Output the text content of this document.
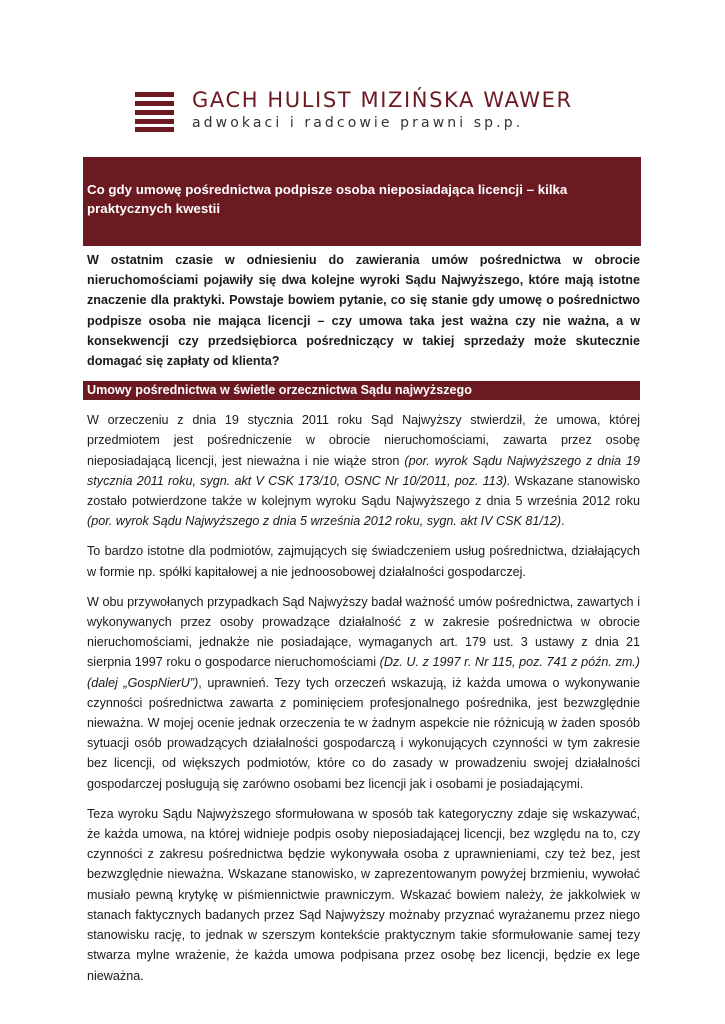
GACH HULIST MIZIŃSKA WAWER
adwokaci i radcowie prawni sp.p.
Co gdy umowę pośrednictwa podpisze osoba nieposiadająca licencji – kilka praktycznych kwestii

W ostatnim czasie w odniesieniu do zawierania umów pośrednictwa w obrocie nieruchomościami pojawiły się dwa kolejne wyroki Sądu Najwyższego, które mają istotne znaczenie dla praktyki. Powstaje bowiem pytanie, co się stanie gdy umowę o pośrednictwo podpisze osoba nie mająca licencji – czy umowa taka jest ważna czy nie ważna, a w konsekwencji czy przedsiębiorca pośredniczący w takiej sprzedaży może skutecznie domagać się zapłaty od klienta?

Umowy pośrednictwa w świetle orzecznictwa Sądu najwyższego

W orzeczeniu z dnia 19 stycznia 2011 roku Sąd Najwyższy stwierdził, że umowa, której przedmiotem jest pośredniczenie w obrocie nieruchomościami, zawarta przez osobę nieposiadającą licencji, jest nieważna i nie wiąże stron (por. wyrok Sądu Najwyższego z dnia 19 stycznia 2011 roku, sygn. akt V CSK 173/10, OSNC Nr 10/2011, poz. 113). Wskazane stanowisko zostało potwierdzone także w kolejnym wyroku Sądu Najwyższego z dnia 5 września 2012 roku (por. wyrok Sądu Najwyższego z dnia 5 września 2012 roku, sygn. akt IV CSK 81/12).

To bardzo istotne dla podmiotów, zajmujących się świadczeniem usług pośrednictwa, działających w formie np. spółki kapitałowej a nie jednoosobowej działalności gospodarczej.

W obu przywołanych przypadkach Sąd Najwyższy badał ważność umów pośrednictwa, zawartych i wykonywanych przez osoby prowadzące działalność z w zakresie pośrednictwa w obrocie nieruchomościami, jednakże nie posiadające, wymaganych art. 179 ust. 3 ustawy z dnia 21 sierpnia 1997 roku o gospodarce nieruchomościami (Dz. U. z 1997 r. Nr 115, poz. 741 z późn. zm.) (dalej „GospNierU”), uprawnień. Tezy tych orzeczeń wskazują, iż każda umowa o wykonywanie czynności pośrednictwa zawarta z pominięciem profesjonalnego pośrednika, jest bezwzględnie nieważna. W mojej ocenie jednak orzeczenia te w żadnym aspekcie nie różnicują w żaden sposób sytuacji osób prowadzących działalności gospodarczą i wykonujących czynności w tym zakresie bez licencji, od większych podmiotów, które co do zasady w prowadzeniu swojej działalności gospodarczej posługują się zarówno osobami bez licencji jak i osobami je posiadającymi.

Teza wyroku Sądu Najwyższego sformułowana w sposób tak kategoryczny zdaje się wskazywać, że każda umowa, na której widnieje podpis osoby nieposiadającej licencji, bez względu na to, czy czynności z zakresu pośrednictwa będzie wykonywała osoba z uprawnieniami, czy też bez, jest bezwzględnie nieważna. Wskazane stanowisko, w zaprezentowanym powyżej brzmieniu, wywołać musiało pewną krytykę w piśmiennictwie prawniczym. Wskazać bowiem należy, że jakkolwiek w stanach faktycznych badanych przez Sąd Najwyższy możnaby przyznać wyrażanemu przez niego stanowisku rację, to jednak w szerszym kontekście praktycznym takie sformułowanie samej tezy stwarza mylne wrażenie, że każda umowa podpisana przez osobę bez licencji, będzie ex lege nieważna.
